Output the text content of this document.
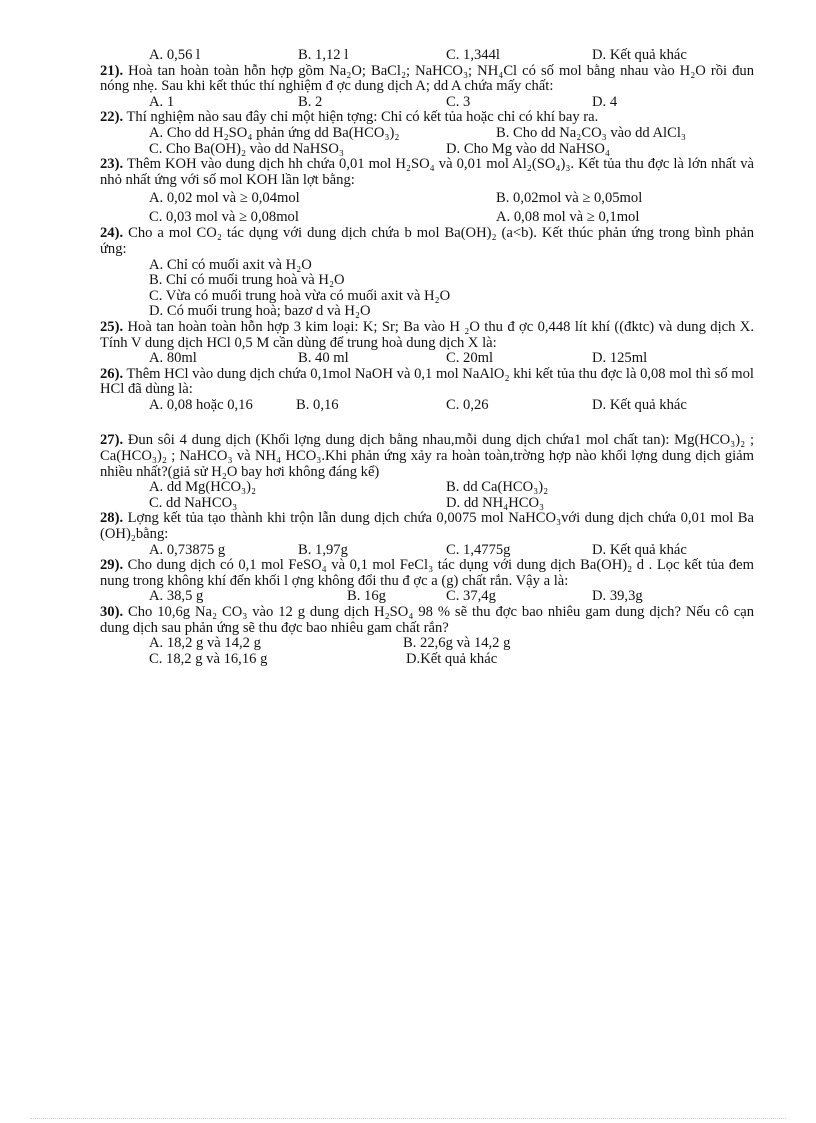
A. 0,56 l	B. 1,12 l	C. 1,344l	D. Kết quả khác

21). Hoà tan hoàn toàn hỗn hợp gồm Na₂O; BaCl₂; NaHCO₃; NH₄Cl có số mol bằng nhau vào H₂O rồi đun nóng nhẹ. Sau khi kết thúc thí nghiệm đ ợc dung dịch A; dd A chứa mấy chất:

A. 1	B. 2	C. 3	D. 4

22). Thí nghiệm nào sau đây chỉ một hiện tợng: Chỉ có kết tủa hoặc chỉ có khí bay ra.

A. Cho dd H₂SO₄ phản ứng dd Ba(HCO₃)₂	B. Cho dd Na₂CO₃ vào dd AlCl₃
C. Cho Ba(OH)₂ vào dd NaHSO₃	D. Cho Mg vào dd NaHSO₄

23). Thêm KOH vào dung dịch hh chứa 0,01 mol H₂SO₄ và 0,01 mol Al₂(SO₄)₃. Kết tủa thu đợc là lớn nhất và nhỏ nhất ứng với số mol KOH lần lợt bằng:

A. 0,02 mol và ≥ 0,04mol	B. 0,02mol và ≥ 0,05mol
C. 0,03 mol và ≥ 0,08mol	A. 0,08 mol và ≥ 0,1mol

24). Cho a mol CO₂ tác dụng với dung dịch chứa b mol Ba(OH)₂ (a<b). Kết thúc phản ứng trong bình phản ứng:

A. Chỉ có muối axit và H₂O
B. Chỉ có muối trung hoà và H₂O
C. Vừa có muối trung hoà vừa có muối axit và H₂O
D. Có muối trung hoà; bazơ d và H₂O

25). Hoà tan hoàn toàn hỗn hợp 3 kim loại: K; Sr; Ba vào H ₂O thu đ ợc 0,448 lít khí ((đktc) và dung dịch X. Tính V dung dịch HCl 0,5 M cần dùng để trung hoà dung dịch X là:

A. 80ml	B. 40 ml	C. 20ml	D. 125ml

26). Thêm HCl vào dung dịch chứa 0,1mol NaOH và 0,1 mol NaAlO₂ khi kết tủa thu đợc là 0,08 mol thì số mol HCl đã dùng là:

A. 0,08 hoặc 0,16	B. 0,16	C. 0,26	D. Kết quả khác

27). Đun sôi 4 dung dịch (Khối lợng dung dịch bằng nhau,mỗi dung dịch chứa1 mol chất tan): Mg(HCO₃)₂ ; Ca(HCO₃)₂ ; NaHCO₃ và NH₄ HCO₃.Khi phản ứng xảy ra hoàn toàn,trờng hợp nào khối lợng dung dịch giảm nhiều nhất?(giả sử H₂O bay hơi không đáng kể)

A. dd Mg(HCO₃)₂	B. dd Ca(HCO₃)₂
C. dd NaHCO₃	D. dd NH₄HCO₃

28). Lợng kết tủa tạo thành khi trộn lẫn dung dịch chứa 0,0075 mol NaHCO₃với dung dịch chứa 0,01 mol Ba (OH)₂bằng:

A. 0,73875 g	B. 1,97g	C. 1,4775g	D. Kết quả khác

29). Cho dung dịch có 0,1 mol FeSO₄ và 0,1 mol FeCl₃ tác dụng với dung dịch Ba(OH)₂ d . Lọc kết tủa đem nung trong không khí đến khối l ợng không đổi thu đ ợc a (g) chất rắn. Vậy a là:

A. 38,5 g	B. 16g	C. 37,4g	D. 39,3g

30). Cho 10,6g Na₂ CO₃ vào 12 g dung dịch H₂SO₄ 98 % sẽ thu đợc bao nhiêu gam dung dịch? Nếu cô cạn dung dịch sau phản ứng sẽ thu đợc bao nhiêu gam chất rắn?

A. 18,2 g và 14,2 g	B. 22,6g và 14,2 g
C. 18,2 g và 16,16 g	D.Kết quả khác
